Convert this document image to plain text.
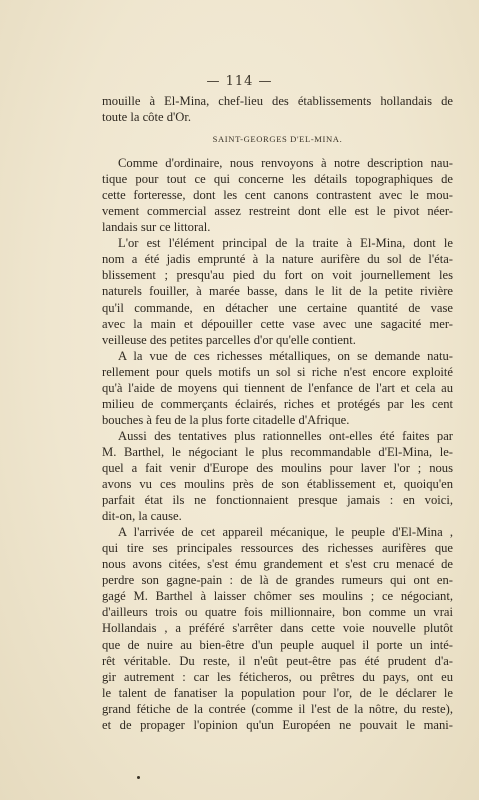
— 114 —
mouille à El-Mina, chef-lieu des établissements hollandais de
toute la côte d'Or.
SAINT-GEORGES D'EL-MINA.
Comme d'ordinaire, nous renvoyons à notre description nau-
tique pour tout ce qui concerne les détails topographiques de
cette forteresse, dont les cent canons contrastent avec le mou-
vement commercial assez restreint dont elle est le pivot néer-
landais sur ce littoral.
L'or est l'élément principal de la traite à El-Mina, dont le
nom a été jadis emprunté à la nature aurifère du sol de l'éta-
blissement ; presqu'au pied du fort on voit journellement les
naturels fouiller, à marée basse, dans le lit de la petite rivière
qu'il commande, en détacher une certaine quantité de vase
avec la main et dépouiller cette vase avec une sagacité mer-
veilleuse des petites parcelles d'or qu'elle contient.
A la vue de ces richesses métalliques, on se demande natu-
rellement pour quels motifs un sol si riche n'est encore exploité
qu'à l'aide de moyens qui tiennent de l'enfance de l'art et cela au
milieu de commerçants éclairés, riches et protégés par les cent
bouches à feu de la plus forte citadelle d'Afrique.
Aussi des tentatives plus rationnelles ont-elles été faites par
M. Barthel, le négociant le plus recommandable d'El-Mina, le-
quel a fait venir d'Europe des moulins pour laver l'or ; nous
avons vu ces moulins près de son établissement et, quoiqu'en
parfait état ils ne fonctionnaient presque jamais : en voici,
dit-on, la cause.
A l'arrivée de cet appareil mécanique, le peuple d'El-Mina ,
qui tire ses principales ressources des richesses aurifères que
nous avons citées, s'est ému grandement et s'est cru menacé de
perdre son gagne-pain : de là de grandes rumeurs qui ont en-
gagé M. Barthel à laisser chômer ses moulins ; ce négociant,
d'ailleurs trois ou quatre fois millionnaire, bon comme un vrai
Hollandais , a préféré s'arrêter dans cette voie nouvelle plutôt
que de nuire au bien-être d'un peuple auquel il porte un inté-
rêt véritable. Du reste, il n'eût peut-être pas été prudent d'a-
gir autrement : car les féticheros, ou prêtres du pays, ont eu
le talent de fanatiser la population pour l'or, de le déclarer le
grand fétiche de la contrée (comme il l'est de la nôtre, du reste),
et de propager l'opinion qu'un Européen ne pouvait le mani-
